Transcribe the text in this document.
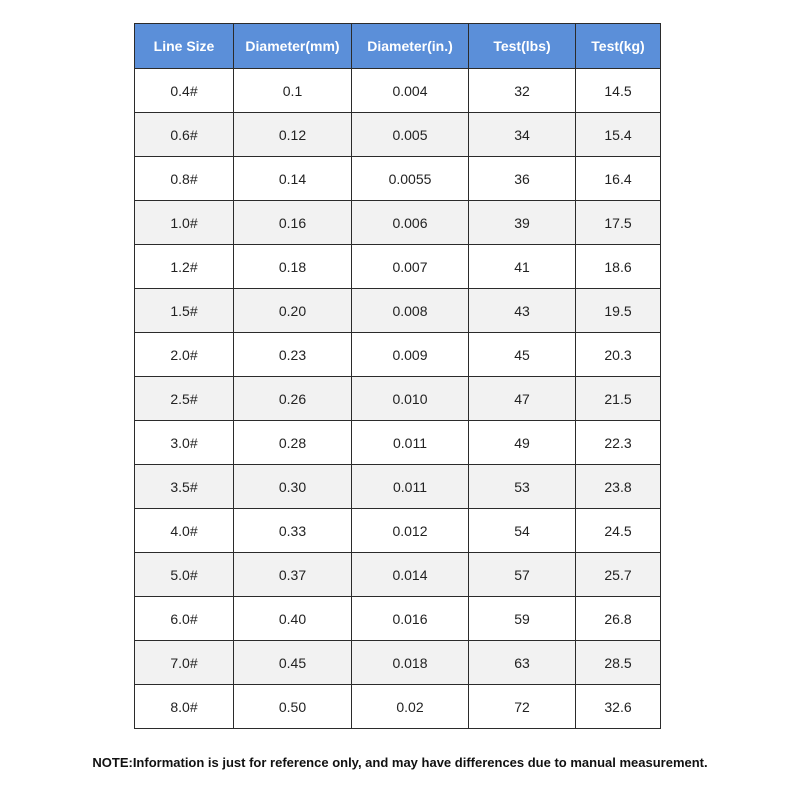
Line Size	Diameter(mm)	Diameter(in.)	Test(lbs)	Test(kg)
0.4#	0.1	0.004	32	14.5
0.6#	0.12	0.005	34	15.4
0.8#	0.14	0.0055	36	16.4
1.0#	0.16	0.006	39	17.5
1.2#	0.18	0.007	41	18.6
1.5#	0.20	0.008	43	19.5
2.0#	0.23	0.009	45	20.3
2.5#	0.26	0.010	47	21.5
3.0#	0.28	0.011	49	22.3
3.5#	0.30	0.011	53	23.8
4.0#	0.33	0.012	54	24.5
5.0#	0.37	0.014	57	25.7
6.0#	0.40	0.016	59	26.8
7.0#	0.45	0.018	63	28.5
8.0#	0.50	0.02	72	32.6
NOTE:Information is just for reference only, and may have differences due to manual measurement.
